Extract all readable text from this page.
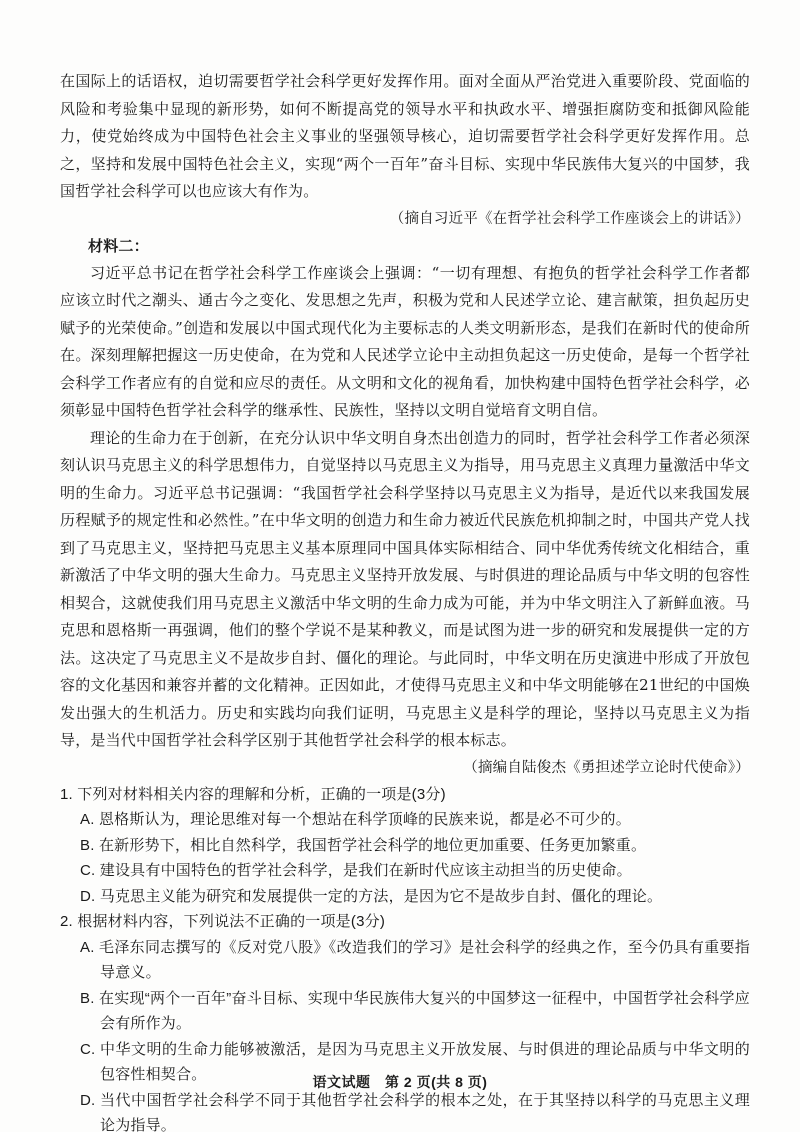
在国际上的话语权，迫切需要哲学社会科学更好发挥作用。面对全面从严治党进入重要阶段、党面临的风险和考验集中显现的新形势，如何不断提高党的领导水平和执政水平、增强拒腐防变和抵御风险能力，使党始终成为中国特色社会主义事业的坚强领导核心，迫切需要哲学社会科学更好发挥作用。总之，坚持和发展中国特色社会主义，实现“两个一百年”奋斗目标、实现中华民族伟大复兴的中国梦，我国哲学社会科学可以也应该大有作为。

（摘自习近平《在哲学社会科学工作座谈会上的讲话》）

材料二：

习近平总书记在哲学社会科学工作座谈会上强调：“一切有理想、有抱负的哲学社会科学工作者都应该立时代之潮头、通古今之变化、发思想之先声，积极为党和人民述学立论、建言献策，担负起历史赋予的光荣使命。”创造和发展以中国式现代化为主要标志的人类文明新形态，是我们在新时代的使命所在。深刻理解把握这一历史使命，在为党和人民述学立论中主动担负起这一历史使命，是每一个哲学社会科学工作者应有的自觉和应尽的责任。从文明和文化的视角看，加快构建中国特色哲学社会科学，必须彰显中国特色哲学社会科学的继承性、民族性，坚持以文明自觉培育文明自信。

理论的生命力在于创新，在充分认识中华文明自身杰出创造力的同时，哲学社会科学工作者必须深刻认识马克思主义的科学思想伟力，自觉坚持以马克思主义为指导，用马克思主义真理力量激活中华文明的生命力。习近平总书记强调：“我国哲学社会科学坚持以马克思主义为指导，是近代以来我国发展历程赋予的规定性和必然性。”在中华文明的创造力和生命力被近代民族危机抑制之时，中国共产党人找到了马克思主义，坚持把马克思主义基本原理同中国具体实际相结合、同中华优秀传统文化相结合，重新激活了中华文明的强大生命力。马克思主义坚持开放发展、与时俱进的理论品质与中华文明的包容性相契合，这就使我们用马克思主义激活中华文明的生命力成为可能，并为中华文明注入了新鲜血液。马克思和恩格斯一再强调，他们的整个学说不是某种教义，而是试图为进一步的研究和发展提供一定的方法。这决定了马克思主义不是故步自封、僵化的理论。与此同时，中华文明在历史演进中形成了开放包容的文化基因和兼容并蓄的文化精神。正因如此，才使得马克思主义和中华文明能够在21世纪的中国焕发出强大的生机活力。历史和实践均向我们证明，马克思主义是科学的理论，坚持以马克思主义为指导，是当代中国哲学社会科学区别于其他哲学社会科学的根本标志。

（摘编自陆俊杰《勇担述学立论时代使命》）

1. 下列对材料相关内容的理解和分析，正确的一项是(3分)

A. 恩格斯认为，理论思维对每一个想站在科学顶峰的民族来说，都是必不可少的。

B. 在新形势下，相比自然科学，我国哲学社会科学的地位更加重要、任务更加繁重。

C. 建设具有中国特色的哲学社会科学，是我们在新时代应该主动担当的历史使命。

D. 马克思主义能为研究和发展提供一定的方法，是因为它不是故步自封、僵化的理论。

2. 根据材料内容，下列说法不正确的一项是(3分)

A. 毛泽东同志撰写的《反对党八股》《改造我们的学习》是社会科学的经典之作，至今仍具有重要指导意义。

B. 在实现“两个一百年”奋斗目标、实现中华民族伟大复兴的中国梦这一征程中，中国哲学社会科学应会有所作为。

C. 中华文明的生命力能够被激活，是因为马克思主义开放发展、与时俱进的理论品质与中华文明的包容性相契合。

D. 当代中国哲学社会科学不同于其他哲学社会科学的根本之处，在于其坚持以科学的马克思主义理论为指导。

语文试题　第 2 页(共 8 页)
